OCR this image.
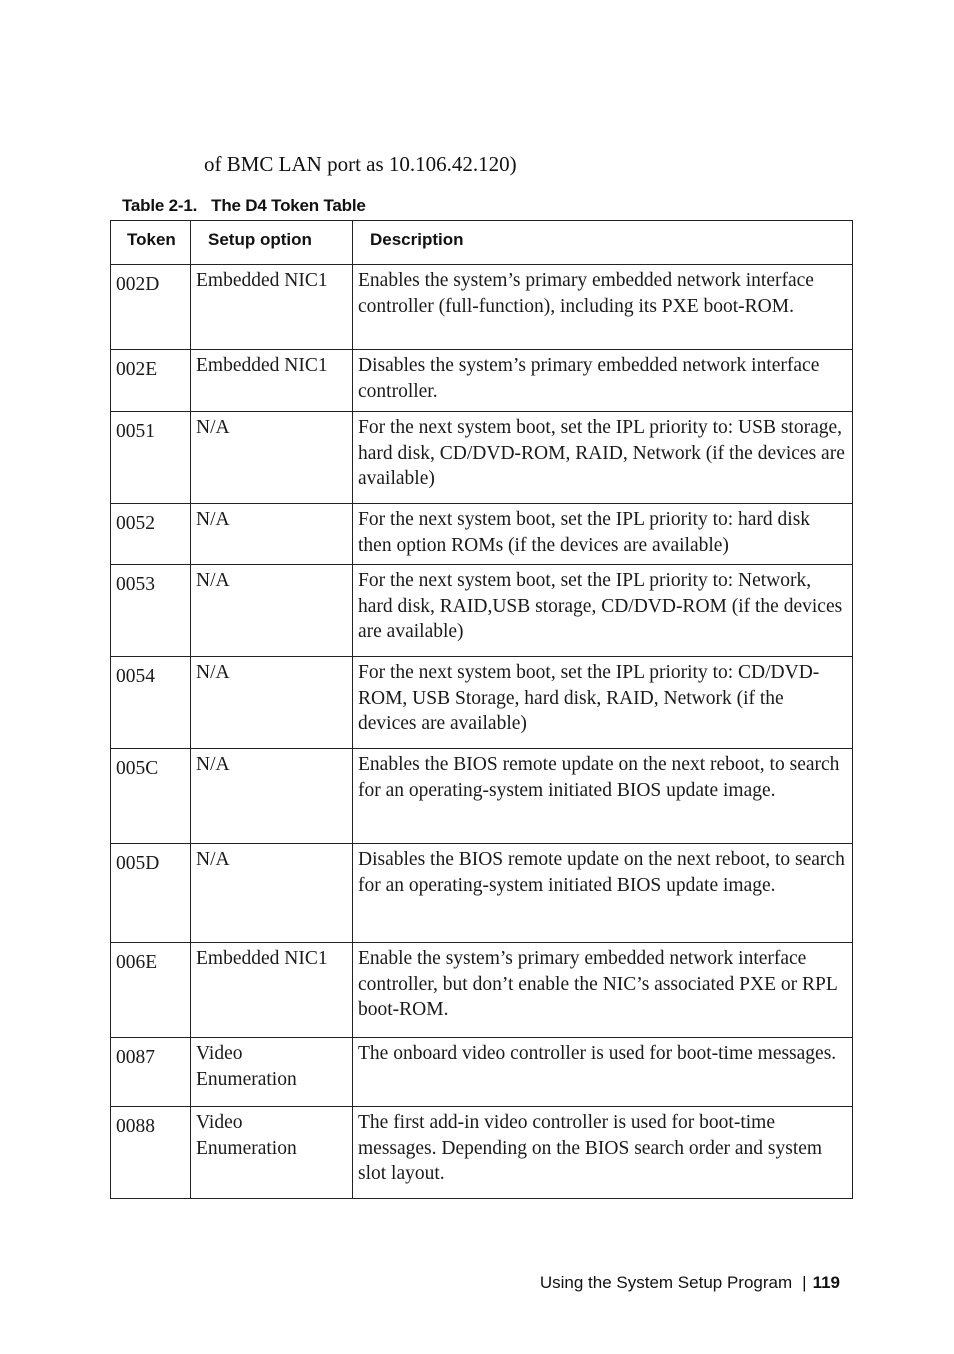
of BMC LAN port as 10.106.42.120)
Table 2-1. The D4 Token Table
Token	Setup option	Description
002D	Embedded NIC1	Enables the system’s primary embedded network interface controller (full-function), including its PXE boot-ROM.
002E	Embedded NIC1	Disables the system’s primary embedded network interface controller.
0051	N/A	For the next system boot, set the IPL priority to: USB storage, hard disk, CD/DVD-ROM, RAID, Network (if the devices are available)
0052	N/A	For the next system boot, set the IPL priority to: hard disk then option ROMs (if the devices are available)
0053	N/A	For the next system boot, set the IPL priority to: Network, hard disk, RAID,USB storage, CD/DVD-ROM (if the devices are available)
0054	N/A	For the next system boot, set the IPL priority to: CD/DVD-ROM, USB Storage, hard disk, RAID, Network (if the devices are available)
005C	N/A	Enables the BIOS remote update on the next reboot, to search for an operating-system initiated BIOS update image.
005D	N/A	Disables the BIOS remote update on the next reboot, to search for an operating-system initiated BIOS update image.
006E	Embedded NIC1	Enable the system’s primary embedded network interface controller, but don’t enable the NIC’s associated PXE or RPL boot-ROM.
0087	Video Enumeration	The onboard video controller is used for boot-time messages.
0088	Video Enumeration	The first add-in video controller is used for boot-time messages. Depending on the BIOS search order and system slot layout.
Using the System Setup Program | 119
